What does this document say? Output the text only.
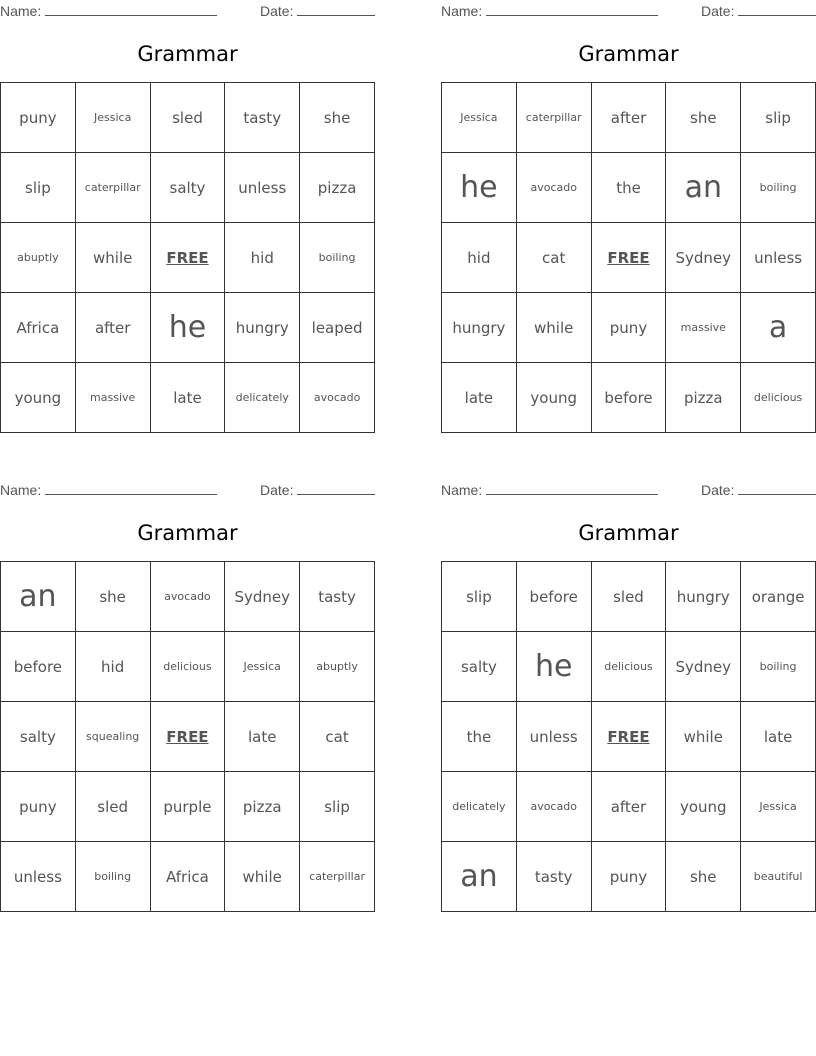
Name:	Date:
Grammar
puny	Jessica	sled	tasty	she
slip	caterpillar	salty	unless	pizza
abuptly	while	FREE	hid	boiling
Africa	after	he	hungry	leaped
young	massive	late	delicately	avocado
Name:	Date:
Grammar
Jessica	caterpillar	after	she	slip
he	avocado	the	an	boiling
hid	cat	FREE	Sydney	unless
hungry	while	puny	massive	a
late	young	before	pizza	delicious
Name:	Date:
Grammar
an	she	avocado	Sydney	tasty
before	hid	delicious	Jessica	abuptly
salty	squealing	FREE	late	cat
puny	sled	purple	pizza	slip
unless	boiling	Africa	while	caterpillar
Name:	Date:
Grammar
slip	before	sled	hungry	orange
salty	he	delicious	Sydney	boiling
the	unless	FREE	while	late
delicately	avocado	after	young	Jessica
an	tasty	puny	she	beautiful
